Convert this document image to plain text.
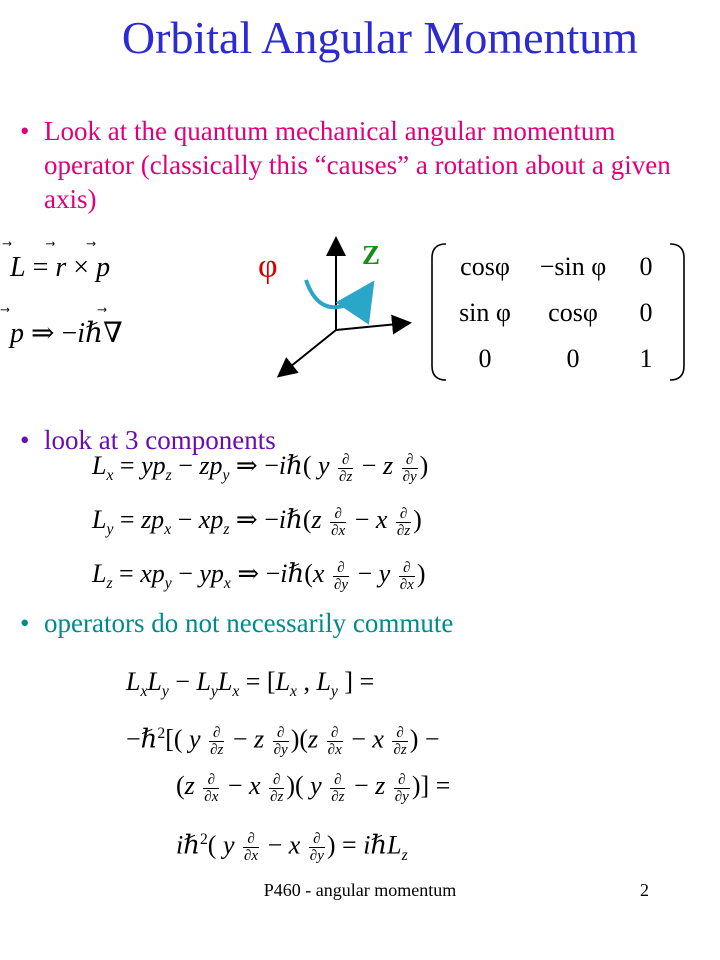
Orbital Angular Momentum
• Look at the quantum mechanical angular momentum operator (classically this “causes” a rotation about a given axis)
L
= r
× p
p
⇒ −iℏ∇
φ	Z	cosφ	−sin φ	0
sin φ	cosφ	0
0	0	1
• look at 3 components
$L_x = yp_z - zp_y$ ⇒ −iℏ( y $\frac{\partial}{\partial z} - z \frac{\partial}{\partial y}$ )
$L_y = zp_x - xp_z$ ⇒ −iℏ(z $\frac{\partial}{\partial x} - x \frac{\partial}{\partial z}$ )
$L_z = xp_y - yp_x$ ⇒ −iℏ(x $\frac{\partial}{\partial y} - y \frac{\partial}{\partial x}$ )
• operators do not necessarily commute
$L_xL_y - L_yL_x = [L_x$ , $L_y$ ] =
−ℏ$^2$[( y $\frac{\partial}{\partial z} - z \frac{\partial}{\partial y} )(z \frac{\partial}{\partial x} - x \frac{\partial}{\partial z}$ ) −
($z \frac{\partial}{\partial x} - x \frac{\partial}{\partial z}$ )( y $\frac{\partial}{\partial z} - z \frac{\partial}{\partial y}$ )] =
iℏ$^2$( y $\frac{\partial}{\partial x} - x \frac{\partial}{\partial y}$ ) = iℏL$_z$
P460 - angular momentum	2
